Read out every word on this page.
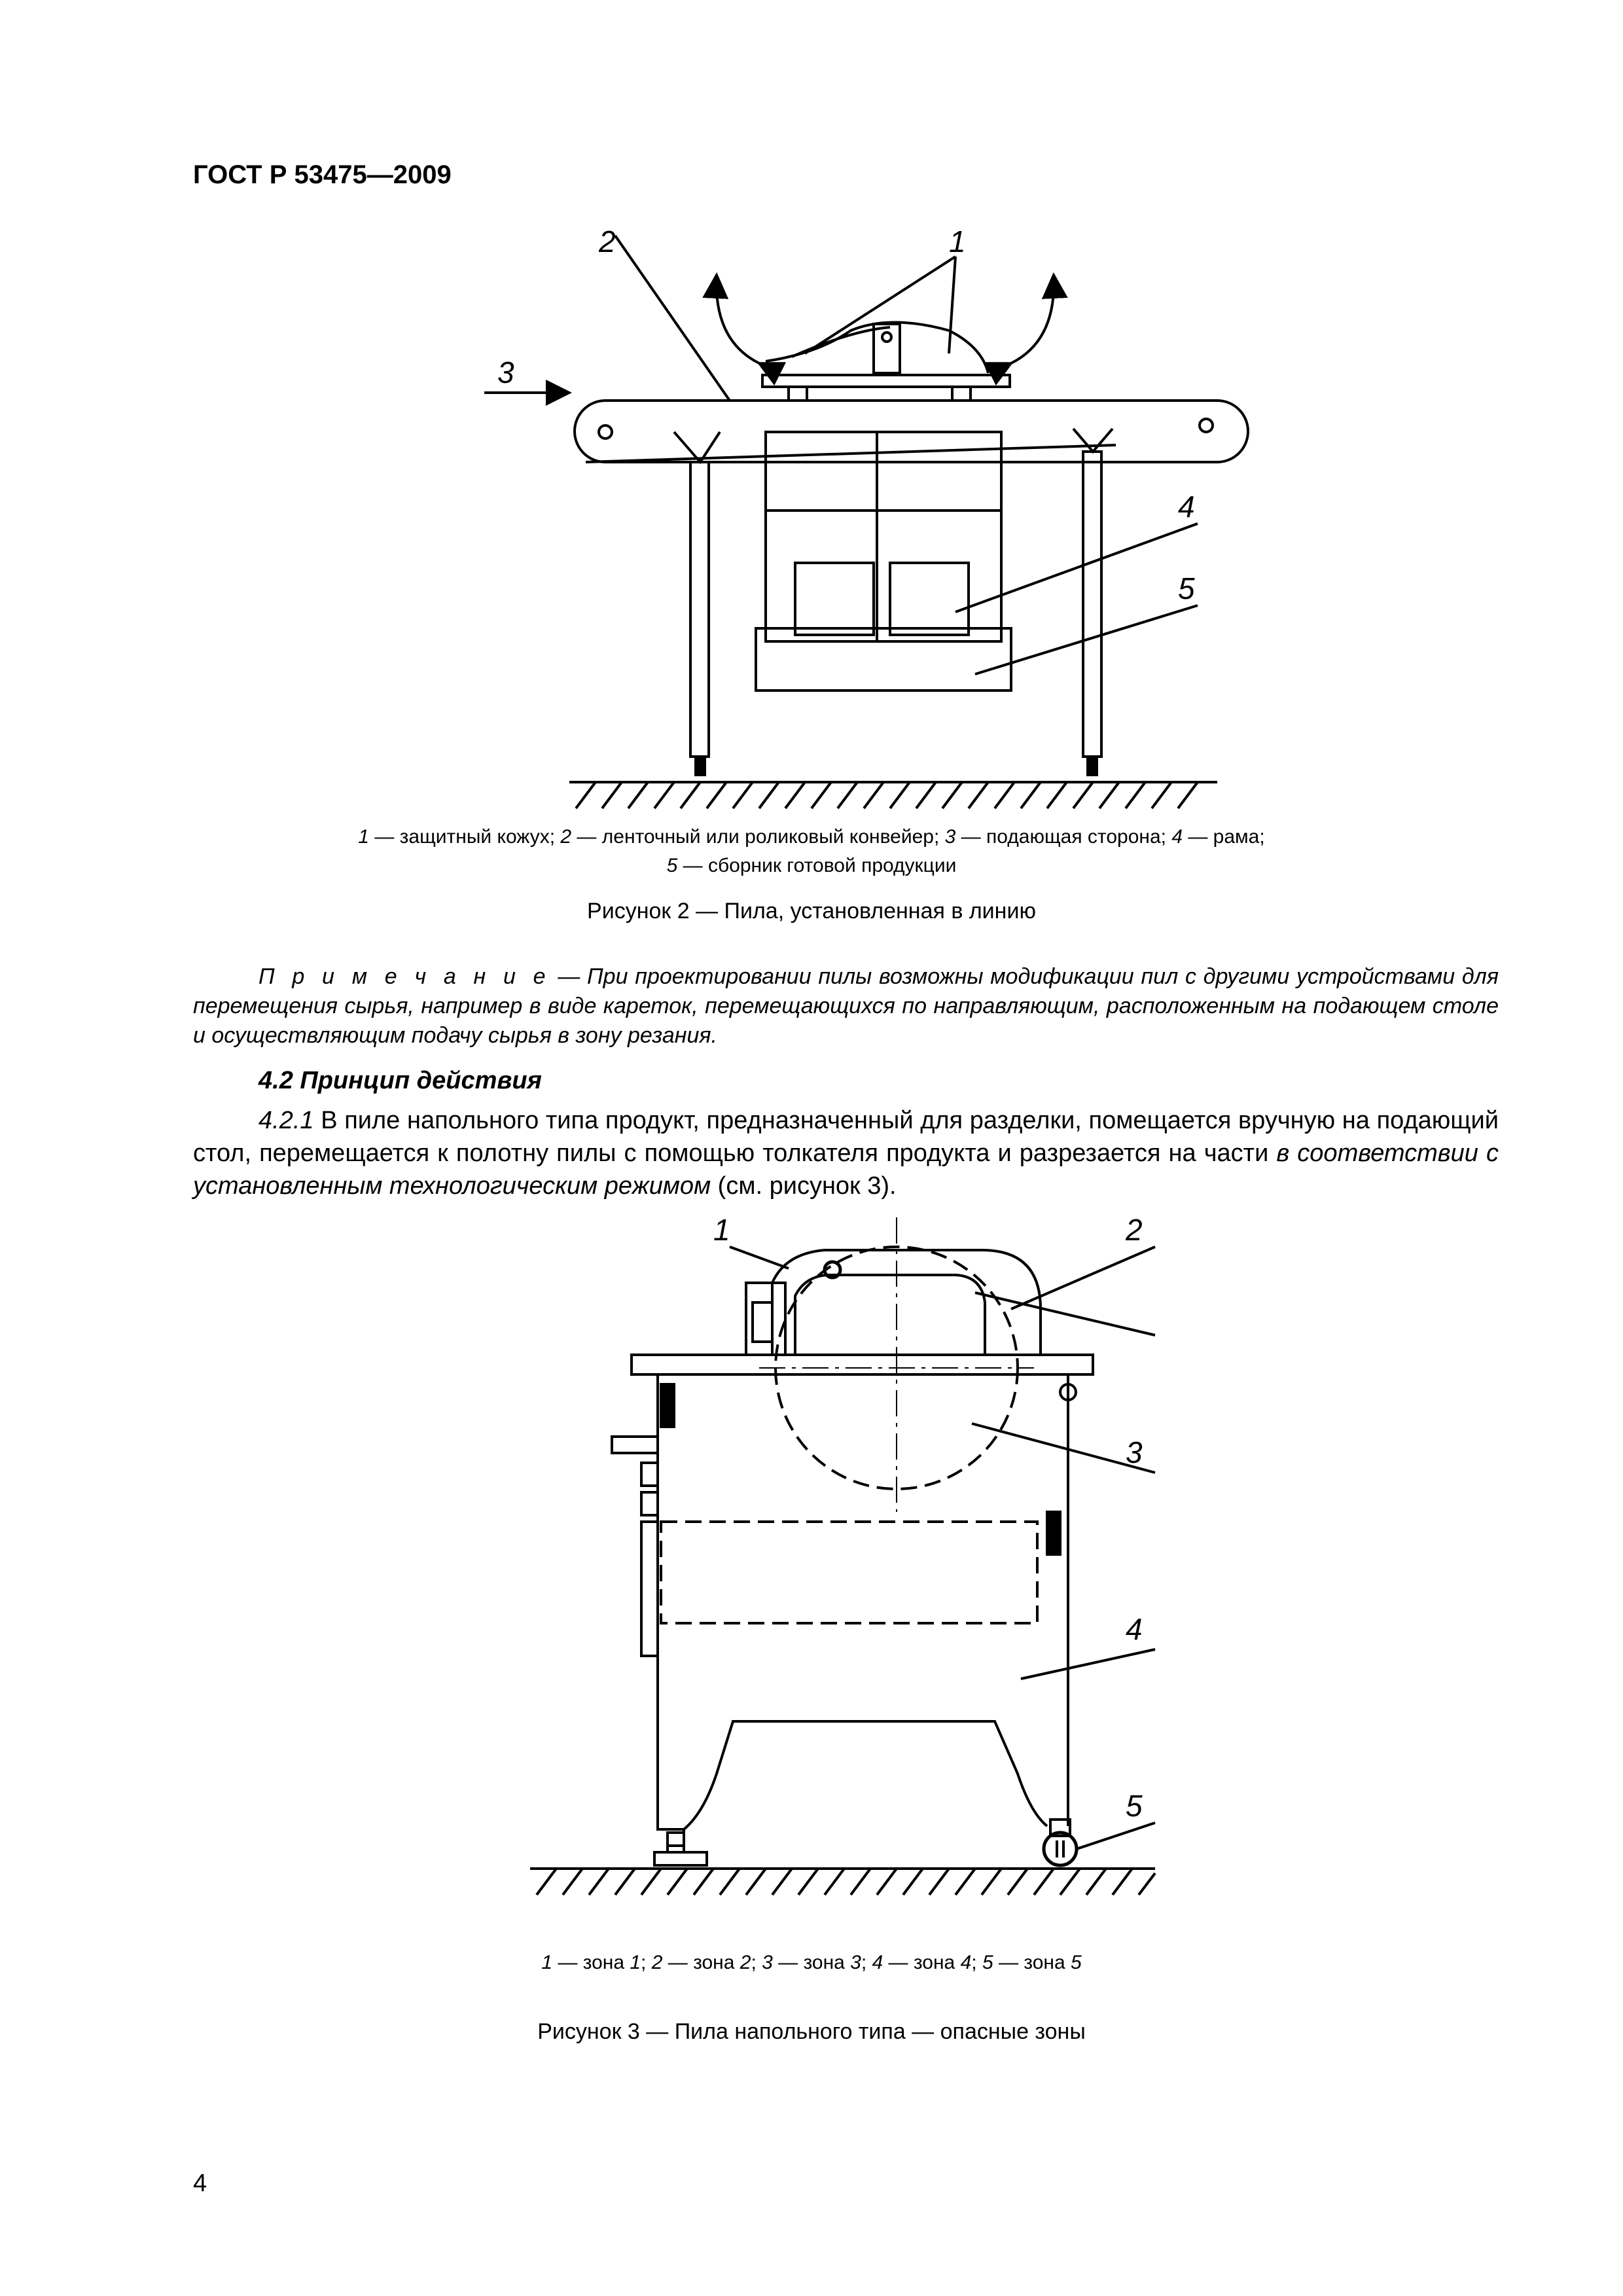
ГОСТ Р 53475—2009
1
2
3
4
5
1 — защитный кожух; 2 — ленточный или роликовый конвейер; 3 — подающая сторона; 4 — рама;
5 — сборник готовой продукции
Рисунок 2 — Пила, установленная в линию
П р и м е ч а н и е — При проектировании пилы возможны модификации пил с другими устройствами для перемещения сырья, например в виде кареток, перемещающихся по направляющим, расположенным на подающем столе и осуществляющим подачу сырья в зону резания.
4.2 Принцип действия
4.2.1 В пиле напольного типа продукт, предназначенный для разделки, помещается вручную на подающий стол, перемещается к полотну пилы с помощью толкателя продукта и разрезается на части в соответствии с установленным технологическим режимом (см. рисунок 3).
1	2
3
4
5
1 — зона 1; 2 — зона 2; 3 — зона 3; 4 — зона 4; 5 — зона 5
Рисунок 3 — Пила напольного типа — опасные зоны
4
